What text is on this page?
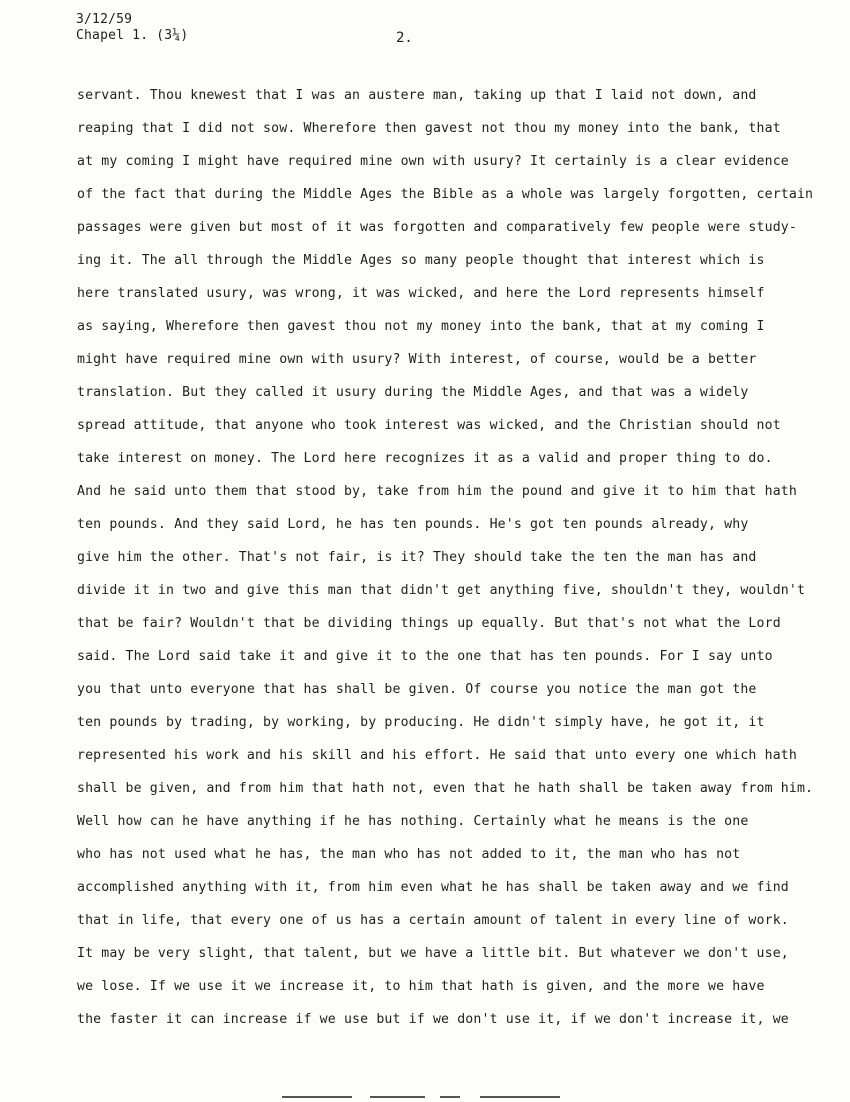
3/12/59
Chapel 1. (3¼)	2.
servant. Thou knewest that I was an austere man, taking up that I laid not down, and
reaping that I did not sow. Wherefore then gavest not thou my money into the bank, that
at my coming I might have required mine own with usury? It certainly is a clear evidence
of the fact that during the Middle Ages the Bible as a whole was largely forgotten, certain
passages were given but most of it was forgotten and comparatively few people were study-
ing it. The all through the Middle Ages so many people thought that interest which is
here translated usury, was wrong, it was wicked, and here the Lord represents himself
as saying, Wherefore then gavest thou not my money into the bank, that at my coming I
might have required mine own with usury? With interest, of course, would be a better
translation. But they called it usury during the Middle Ages, and that was a widely
spread attitude, that anyone who took interest was wicked, and the Christian should not
take interest on money. The Lord here recognizes it as a valid and proper thing to do.
And he said unto them that stood by, take from him the pound and give it to him that hath
ten pounds. And they said Lord, he has ten pounds. He's got ten pounds already, why
give him the other. That's not fair, is it? They should take the ten the man has and
divide it in two and give this man that didn't get anything five, shouldn't they, wouldn't
that be fair? Wouldn't that be dividing things up equally. But that's not what the Lord
said. The Lord said take it and give it to the one that has ten pounds. For I say unto
you that unto everyone that has shall be given. Of course you notice the man got the
ten pounds by trading, by working, by producing. He didn't simply have, he got it, it
represented his work and his skill and his effort. He said that unto every one which hath
shall be given, and from him that hath not, even that he hath shall be taken away from him.
Well how can he have anything if he has nothing. Certainly what he means is the one
who has not used what he has, the man who has not added to it, the man who has not
accomplished anything with it, from him even what he has shall be taken away and we find
that in life, that every one of us has a certain amount of talent in every line of work.
It may be very slight, that talent, but we have a little bit. But whatever we don't use,
we lose. If we use it we increase it, to him that hath is given, and the more we have
the faster it can increase if we use but if we don't use it, if we don't increase it, we
